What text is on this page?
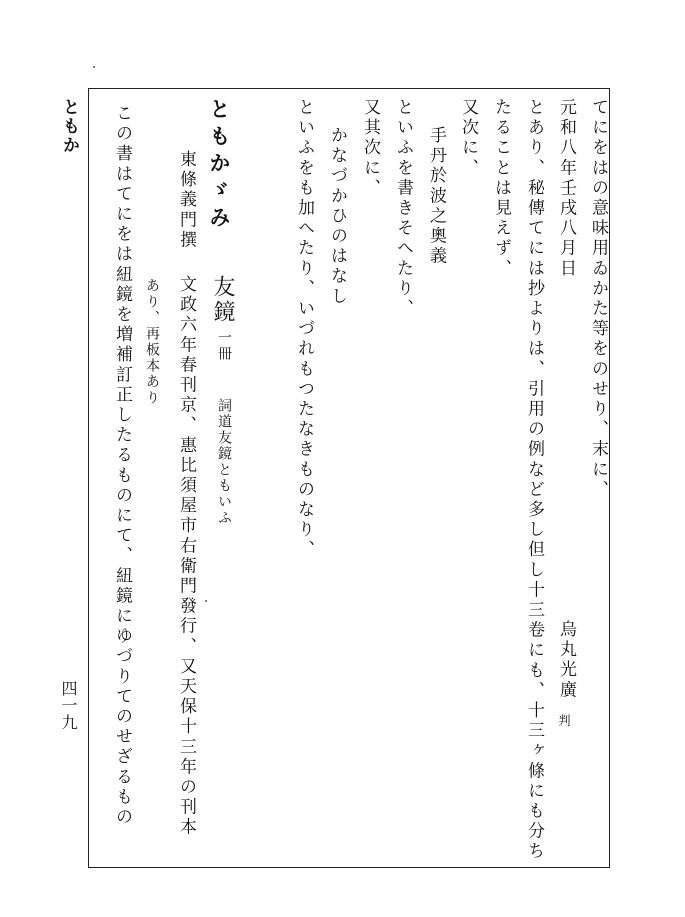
ともか
四一九
てにをはの意味用ゐかた等をのせり、末に、
元和八年壬戌八月日
烏丸光廣
判
とあり、秘傳てには抄よりは、引用の例など多し但し十三卷にも、十三ヶ條にも分ち
たることは見えず、
又次に、
手丹於波之奧義
といふを書きそへたり、
又其次に、
かなづかひのはなし
といふをも加へたり、いづれもつたなきものなり、
ともかゞみ
友鏡
一冊
詞道友鏡ともいふ
東條義門撰
文政六年春刊京、惠比須屋市右衛門發行、又天保十三年の刊本
あり、再板本あり
この書はてにをは紐鏡を増補訂正したるものにて、紐鏡にゆづりてのせざるもの
